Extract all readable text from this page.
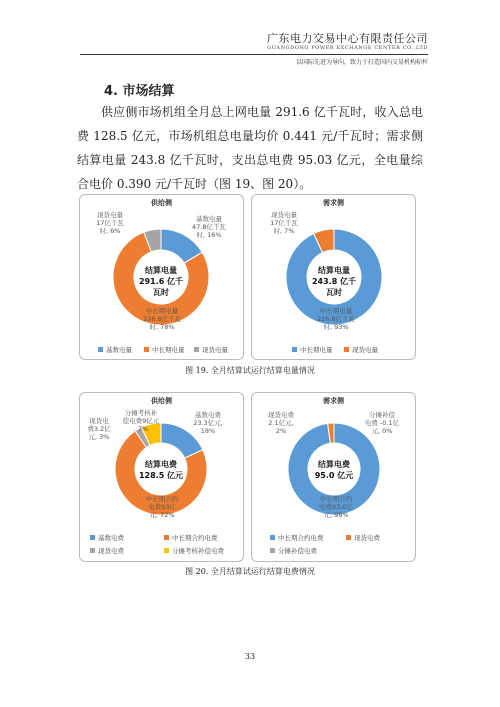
广东电力交易中心有限责任公司
GUANGDONG POWER EXCHANGE CENTER CO.,LTD
以国际先进为导向，致力于打造国内交易机构标杆
4. 市场结算

供应侧市场机组全月总上网电量 291.6 亿千瓦时，收入总电费 128.5 亿元，市场机组总电量均价 0.441 元/千瓦时；需求侧结算电量 243.8 亿千瓦时，支出总电费 95.03 亿元，全电量综合电价 0.390 元/千瓦时（图 19、图 20）。

供给侧
结算电量
291.6 亿千
瓦时
基数电量
47.8亿千瓦
时, 16%
中长期电量
226.8亿千瓦
时, 78%
现货电量
17亿千瓦
时, 6%
基数电量	中长期电量	现货电量
需求侧
结算电量
243.8 亿千
瓦时
中长期电量
226.8亿千瓦
时, 93%
现货电量
17亿千瓦
时, 7%
中长期电量	现货电量
图 19. 全月结算试运行结算电量情况
供给侧
结算电费
128.5 亿元
基数电费
23.3亿元,
18%
中长期合约
电费93亿
元, 72%
现货电
费3.2亿
元, 3%
分摊考核补
偿电费9亿元
, 7%
基数电费	中长期合约电费
现货电费	分摊考核补偿电费
需求侧
结算电费
95.0 亿元
中长期合约
电费93.0亿
元, 98%
现货电费
2.1亿元,
2%
分摊补偿
电费 -0.1亿
元, 0%
中长期合约电费	现货电费
分摊补偿电费
图 20. 全月结算试运行结算电费情况
33
